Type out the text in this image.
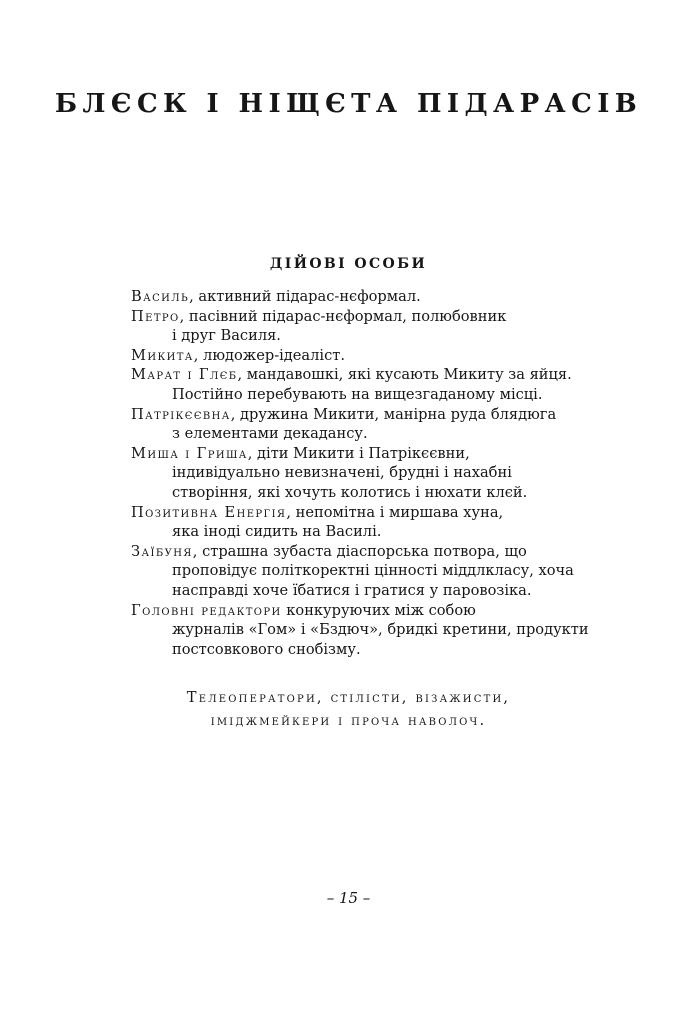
БЛЄСК І НІЩЄТА ПІДАРАСІВ
ДІЙОВІ ОСОБИ
Василь, активний підарас-нєформал.
Петро, пасівний підарас-нєформал, полюбовник
і друг Василя.
Микита, людожер-ідеаліст.
Марат і Глєб, мандавошкі, які кусають Микиту за яйця.
Постійно перебувають на вищезгаданому місці.
Патрікєєвна, дружина Микити, манірна руда блядюга
з елементами декадансу.
Миша і Гриша, діти Микити і Патрікєєвни,
індивідуально невизначені, брудні і нахабні
створіння, які хочуть колотись і нюхати клєй.
Позитивна Енергія, непомітна і миршава хуна,
яка іноді сидить на Василі.
Заїбуня, страшна зубаста діаспорська потвора, що
проповідує політкоректні цінності міддлкласу, хоча
насправді хоче їбатися і гратися у паровозіка.
Головні редактори конкуруючих між собою
журналів «Гом» і «Бздюч», бридкі кретини, продукти
постсовкового снобізму.
Телеоператори, стілісти, візажисти,
іміджмейкери і проча наволоч.
– 15 –
